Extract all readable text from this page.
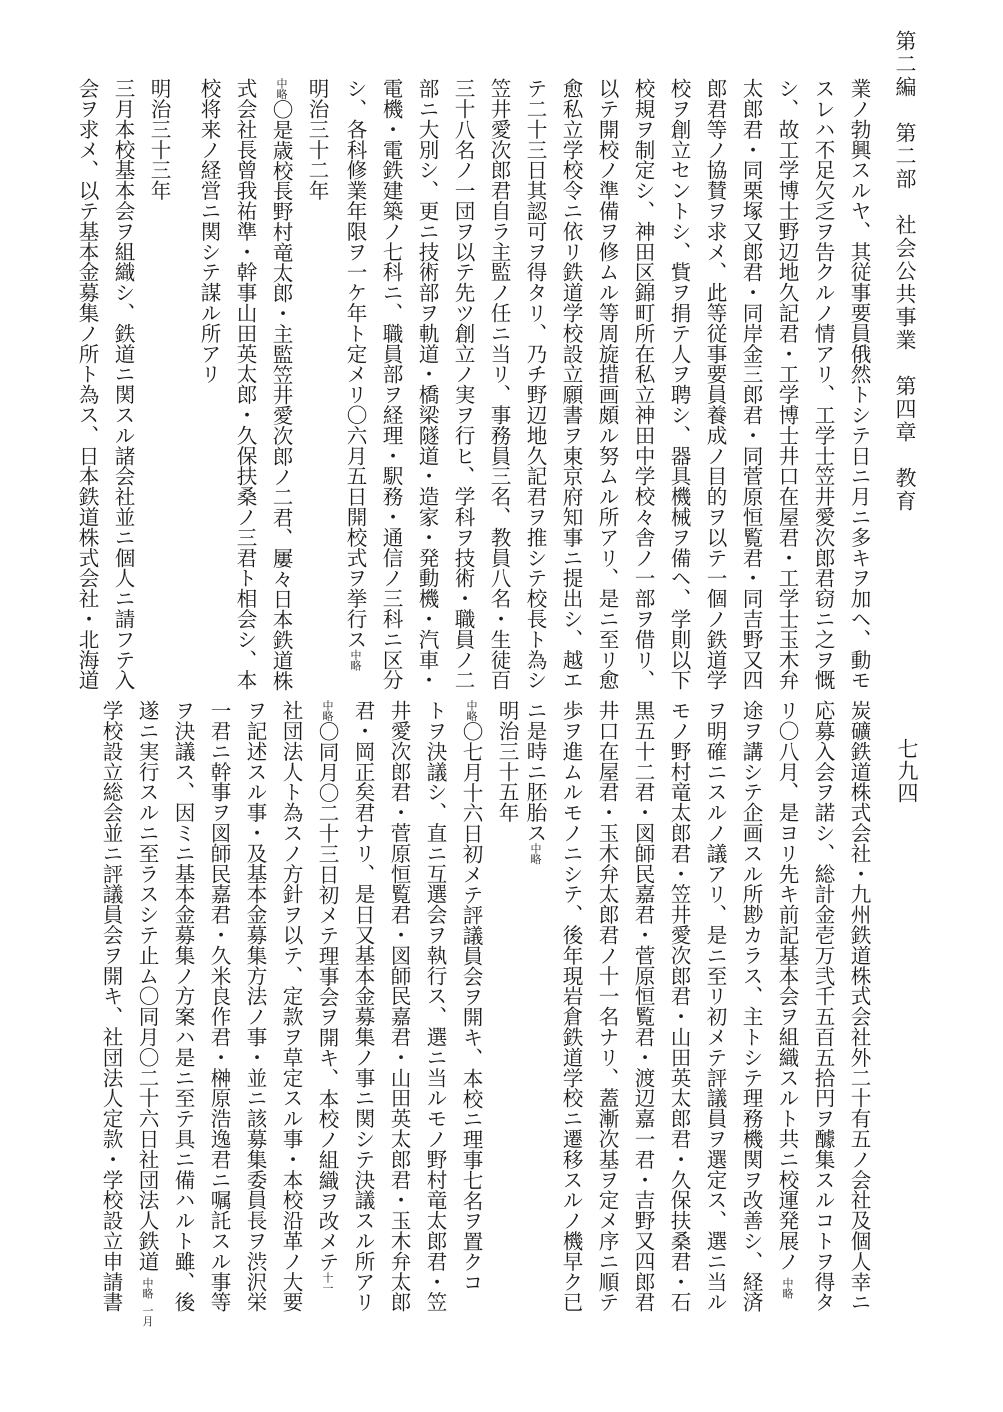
第二編　第二部　社会公共事業　第四章　教育
七九四
業ノ勃興スルヤ、其従事要員俄然トシテ日ニ月ニ多キヲ加ヘ、動モ
スレハ不足欠乏ヲ告クルノ情アリ、工学士笠井愛次郎君窃ニ之ヲ慨
シ、故工学博士野辺地久記君・工学博士井口在屋君・工学士玉木弁
太郎君・同栗塚又郎君・同岸金三郎君・同菅原恒覧君・同吉野又四
郎君等ノ協賛ヲ求メ、此等従事要員養成ノ目的ヲ以テ一個ノ鉄道学
校ヲ創立セントシ、貲ヲ捐テ人ヲ聘シ、器具機械ヲ備ヘ、学則以下
校規ヲ制定シ、神田区錦町所在私立神田中学校々舎ノ一部ヲ借リ、
以テ開校ノ準備ヲ修ムル等周旋措画頗ル努ムル所アリ、是ニ至リ愈
愈私立学校令ニ依リ鉄道学校設立願書ヲ東京府知事ニ提出シ、越エ
テ二十三日其認可ヲ得タリ、乃チ野辺地久記君ヲ推シテ校長ト為シ
笠井愛次郎君自ラ主監ノ任ニ当リ、事務員三名、教員八名・生徒百
三十八名ノ一団ヲ以テ先ツ創立ノ実ヲ行ヒ、学科ヲ技術・職員ノ二
部ニ大別シ、更ニ技術部ヲ軌道・橋梁隧道・造家・発動機・汽車・
電機・電鉄建築ノ七科ニ、職員部ヲ経理・駅務・通信ノ三科ニ区分
シ、各科修業年限ヲ一ケ年ト定メリ〇六月五日開校式ヲ挙行ス中略
明治三十二年
中略〇是歳校長野村竜太郎・主監笠井愛次郎ノ二君、屢々日本鉄道株
式会社長曾我祐準・幹事山田英太郎・久保扶桑ノ三君ト相会シ、本
校将来ノ経営ニ関シテ謀ル所アリ
明治三十三年
三月本校基本会ヲ組織シ、鉄道ニ関スル諸会社並ニ個人ニ請フテ入
会ヲ求メ、以テ基本金募集ノ所ト為ス、日本鉄道株式会社・北海道
炭礦鉄道株式会社・九州鉄道株式会社外二十有五ノ会社及個人幸ニ
応募入会ヲ諾シ、総計金壱万弐千五百五拾円ヲ醵集スルコトヲ得タ
リ〇八月、是ヨリ先キ前記基本会ヲ組織スルト共ニ校運発展ノ 中略
途ヲ講シテ企画スル所尠カラス、主トシテ理務機関ヲ改善シ、経済
ヲ明確ニスルノ議アリ、是ニ至リ初メテ評議員ヲ選定ス、選ニ当ル
モノ野村竜太郎君・笠井愛次郎君・山田英太郎君・久保扶桑君・石
黒五十二君・図師民嘉君・菅原恒覧君・渡辺嘉一君・吉野又四郎君
井口在屋君・玉木弁太郎君ノ十一名ナリ、蓋漸次基ヲ定メ序ニ順テ
歩ヲ進ムルモノニシテ、後年現岩倉鉄道学校ニ遷移スルノ機早ク已
ニ是時ニ胚胎ス中略
明治三十五年
中略〇七月十六日初メテ評議員会ヲ開キ、本校ニ理事七名ヲ置クコ
トヲ決議シ、直ニ互選会ヲ執行ス、選ニ当ルモノ野村竜太郎君・笠
井愛次郎君・菅原恒覧君・図師民嘉君・山田英太郎君・玉木弁太郎
君・岡正矣君ナリ、是日又基本金募集ノ事ニ関シテ決議スル所アリ
中略〇同月〇二十三日初メテ理事会ヲ開キ、本校ノ組織ヲ改メテ十一
社団法人ト為スノ方針ヲ以テ、定款ヲ草定スル事・本校沿革ノ大要
ヲ記述スル事・及基本金募集方法ノ事・並ニ該募集委員長ヲ渋沢栄
一君ニ幹事ヲ図師民嘉君・久米良作君・榊原浩逸君ニ嘱託スル事等
ヲ決議ス、因ミニ基本金募集ノ方案ハ是ニ至テ具ニ備ハルト雖、後
遂ニ実行スルニ至ラスシテ止ム〇同月〇二十六日社団法人鉄道 中略 一月
学校設立総会並ニ評議員会ヲ開キ、社団法人定款・学校設立申請書
